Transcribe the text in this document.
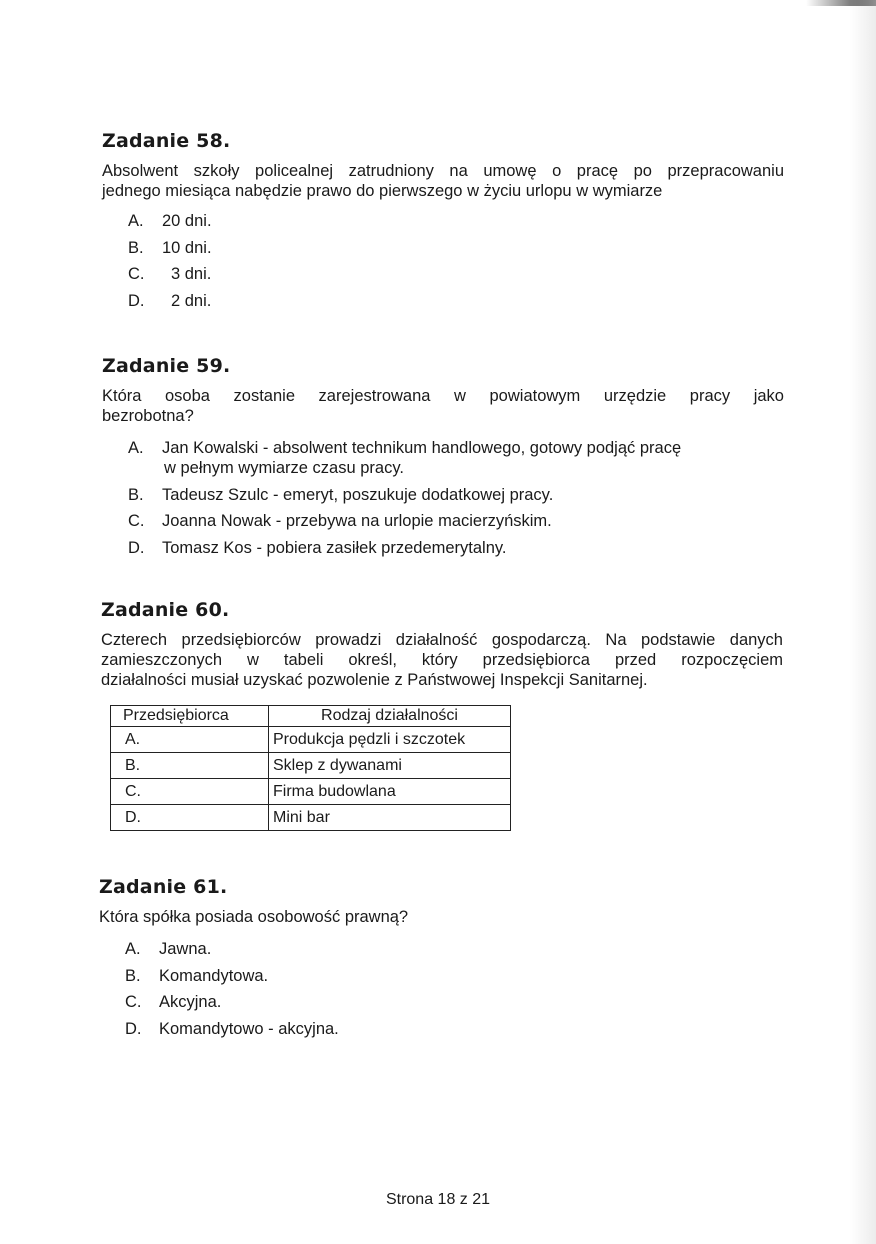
Zadanie 58.

Absolwent szkoły policealnej zatrudniony na umowę o pracę po przepracowaniu

jednego miesiąca nabędzie prawo do pierwszego w życiu urlopu w wymiarze

A.	20 dni.
B.	10 dni.
C.	3 dni.
D.	2 dni.
Zadanie 59.

Która osoba zostanie zarejestrowana w powiatowym urzędzie pracy jako

bezrobotna?

A.	Jan Kowalski - absolwent technikum handlowego, gotowy podjąć pracę
w pełnym wymiarze czasu pracy.
B.	Tadeusz Szulc - emeryt, poszukuje dodatkowej pracy.
C.	Joanna Nowak - przebywa na urlopie macierzyńskim.
D.	Tomasz Kos - pobiera zasiłek przedemerytalny.
Zadanie 60.

Czterech przedsiębiorców prowadzi działalność gospodarczą. Na podstawie danych

zamieszczonych w tabeli określ, który przedsiębiorca przed rozpoczęciem

działalności musiał uzyskać pozwolenie z Państwowej Inspekcji Sanitarnej.

Przedsiębiorca	Rodzaj działalności
A.	Produkcja pędzli i szczotek
B.	Sklep z dywanami
C.	Firma budowlana
D.	Mini bar
Zadanie 61.

Która spółka posiada osobowość prawną?

A.	Jawna.
B.	Komandytowa.
C.	Akcyjna.
D.	Komandytowo - akcyjna.
Strona 18 z 21
